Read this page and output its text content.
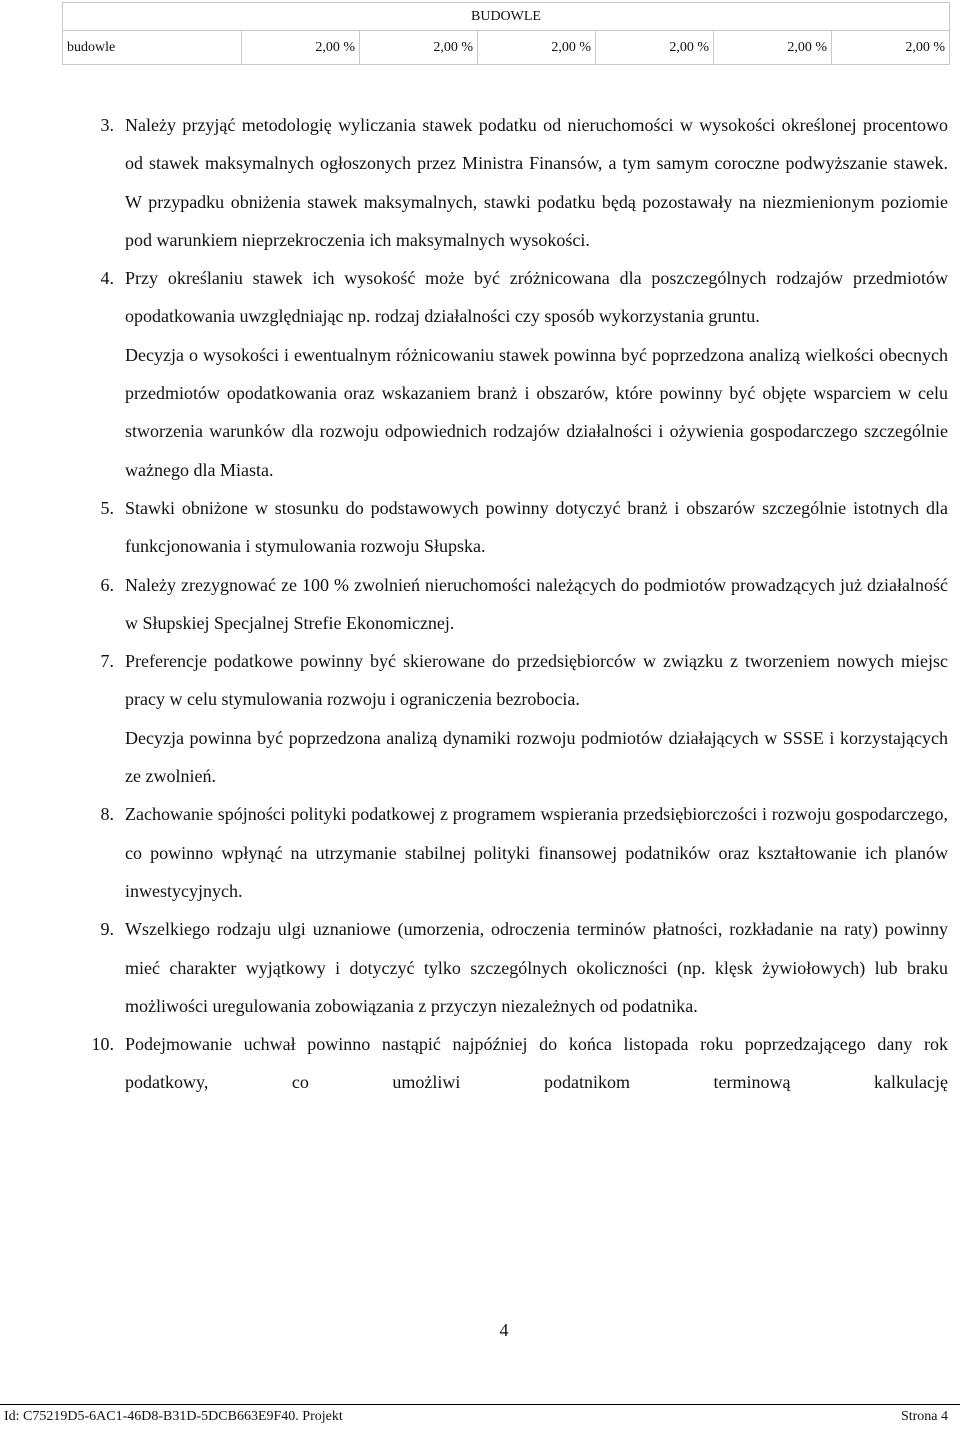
BUDOWLE
budowle	2,00 %	2,00 %	2,00 %	2,00 %	2,00 %	2,00 %
3. Należy przyjąć metodologię wyliczania stawek podatku od nieruchomości w wysokości określonej procentowo od stawek maksymalnych ogłoszonych przez Ministra Finansów, a tym samym coroczne podwyższanie stawek. W przypadku obniżenia stawek maksymalnych, stawki podatku będą pozostawały na niezmienionym poziomie pod warunkiem nieprzekroczenia ich maksymalnych wysokości.

4. Przy określaniu stawek ich wysokość może być zróżnicowana dla poszczególnych rodzajów przedmiotów opodatkowania uwzględniając np. rodzaj działalności czy sposób wykorzystania gruntu.

Decyzja o wysokości i ewentualnym różnicowaniu stawek powinna być poprzedzona analizą wielkości obecnych przedmiotów opodatkowania oraz wskazaniem branż i obszarów, które powinny być objęte wsparciem w celu stworzenia warunków dla rozwoju odpowiednich rodzajów działalności i ożywienia gospodarczego szczególnie ważnego dla Miasta.

5. Stawki obniżone w stosunku do podstawowych powinny dotyczyć branż i obszarów szczególnie istotnych dla funkcjonowania i stymulowania rozwoju Słupska.

6. Należy zrezygnować ze 100 % zwolnień nieruchomości należących do podmiotów prowadzących już działalność w Słupskiej Specjalnej Strefie Ekonomicznej.

7. Preferencje podatkowe powinny być skierowane do przedsiębiorców w związku z tworzeniem nowych miejsc pracy w celu stymulowania rozwoju i ograniczenia bezrobocia.

Decyzja powinna być poprzedzona analizą dynamiki rozwoju podmiotów działających w SSSE i korzystających ze zwolnień.

8. Zachowanie spójności polityki podatkowej z programem wspierania przedsiębiorczości i rozwoju gospodarczego, co powinno wpłynąć na utrzymanie stabilnej polityki finansowej podatników oraz kształtowanie ich planów inwestycyjnych.

9. Wszelkiego rodzaju ulgi uznaniowe (umorzenia, odroczenia terminów płatności, rozkładanie na raty) powinny mieć charakter wyjątkowy i dotyczyć tylko szczególnych okoliczności (np. klęsk żywiołowych) lub braku możliwości uregulowania zobowiązania z przyczyn niezależnych od podatnika.

10. Podejmowanie uchwał powinno nastąpić najpóźniej do końca listopada roku poprzedzającego dany rok podatkowy, co umożliwi podatnikom terminową kalkulację

4
Id: C75219D5-6AC1-46D8-B31D-5DCB663E9F40. Projekt	Strona 4
